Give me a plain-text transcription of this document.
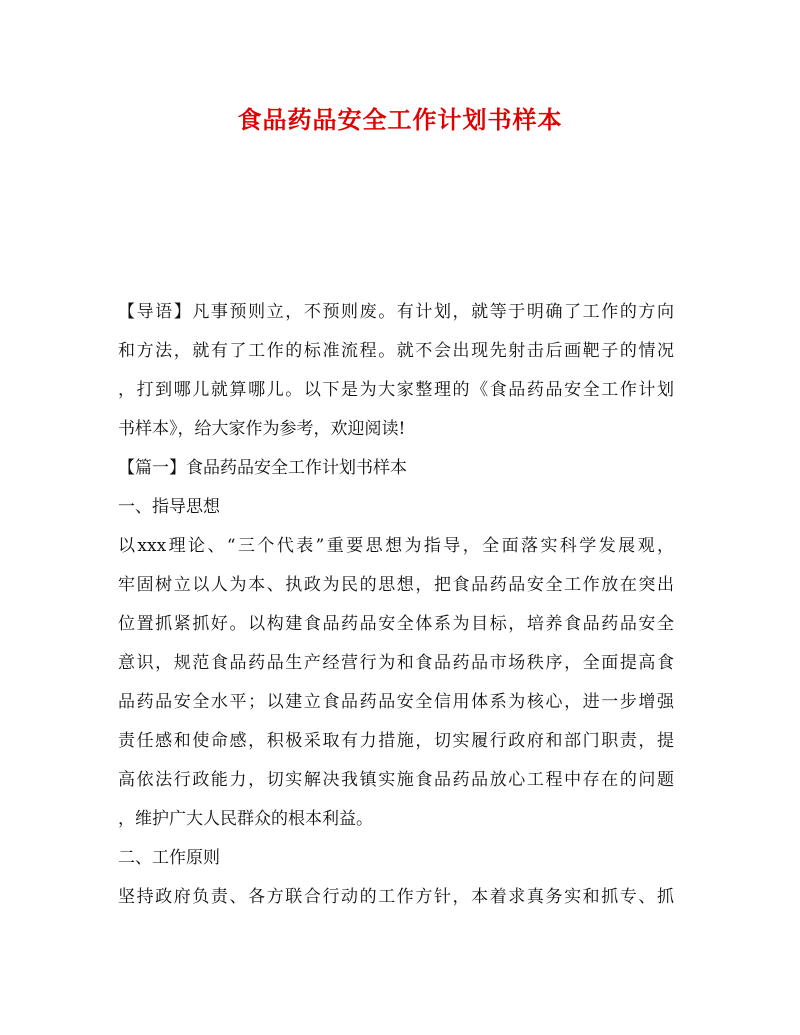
食品药品安全工作计划书样本
【导语】凡事预则立，不预则废。有计划，就等于明确了工作的方向
和方法，就有了工作的标准流程。就不会出现先射击后画靶子的情况
，打到哪儿就算哪儿。以下是为大家整理的《食品药品安全工作计划
书样本》，给大家作为参考，欢迎阅读!
【篇一】食品药品安全工作计划书样本
一、指导思想
以xxx理论、“三个代表”重要思想为指导，全面落实科学发展观，
牢固树立以人为本、执政为民的思想，把食品药品安全工作放在突出
位置抓紧抓好。以构建食品药品安全体系为目标，培养食品药品安全
意识，规范食品药品生产经营行为和食品药品市场秩序，全面提高食
品药品安全水平；以建立食品药品安全信用体系为核心，进一步增强
责任感和使命感，积极采取有力措施，切实履行政府和部门职责，提
高依法行政能力，切实解决我镇实施食品药品放心工程中存在的问题
，维护广大人民群众的根本利益。
二、工作原则
坚持政府负责、各方联合行动的工作方针，本着求真务实和抓专、抓
